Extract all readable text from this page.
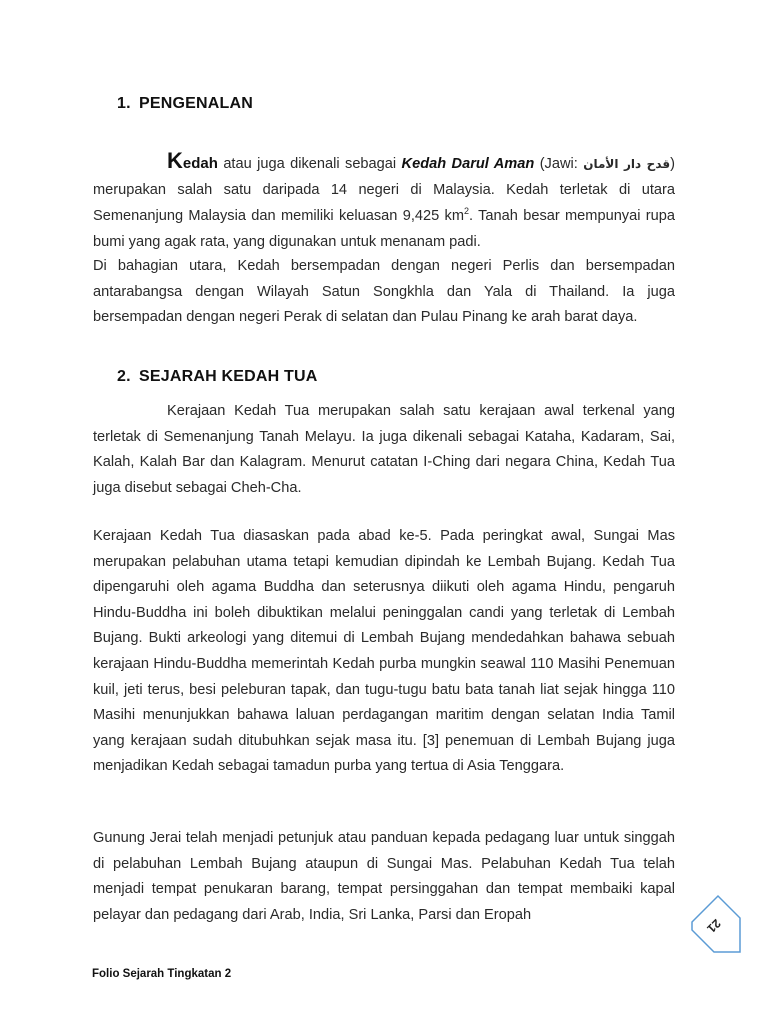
1. PENGENALAN

Kedah atau juga dikenali sebagai Kedah Darul Aman (Jawi: قدح دار الأمان) merupakan salah satu daripada 14 negeri di Malaysia. Kedah terletak di utara Semenanjung Malaysia dan memiliki keluasan 9,425 $km^2$. Tanah besar mempunyai rupa bumi yang agak rata, yang digunakan untuk menanam padi.

Di bahagian utara, Kedah bersempadan dengan negeri Perlis dan bersempadan antarabangsa dengan Wilayah Satun Songkhla dan Yala di Thailand. Ia juga bersempadan dengan negeri Perak di selatan dan Pulau Pinang ke arah barat daya.

2. SEJARAH KEDAH TUA

Kerajaan Kedah Tua merupakan salah satu kerajaan awal terkenal yang terletak di Semenanjung Tanah Melayu. Ia juga dikenali sebagai Kataha, Kadaram, Sai, Kalah, Kalah Bar dan Kalagram. Menurut catatan I-Ching dari negara China, Kedah Tua juga disebut sebagai Cheh-Cha.

Kerajaan Kedah Tua diasaskan pada abad ke-5. Pada peringkat awal, Sungai Mas merupakan pelabuhan utama tetapi kemudian dipindah ke Lembah Bujang. Kedah Tua dipengaruhi oleh agama Buddha dan seterusnya diikuti oleh agama Hindu, pengaruh Hindu-Buddha ini boleh dibuktikan melalui peninggalan candi yang terletak di Lembah Bujang. Bukti arkeologi yang ditemui di Lembah Bujang mendedahkan bahawa sebuah kerajaan Hindu-Buddha memerintah Kedah purba mungkin seawal 110 Masihi Penemuan kuil, jeti terus, besi peleburan tapak, dan tugu-tugu batu bata tanah liat sejak hingga 110 Masihi menunjukkan bahawa laluan perdagangan maritim dengan selatan India Tamil yang kerajaan sudah ditubuhkan sejak masa itu. [3] penemuan di Lembah Bujang juga menjadikan Kedah sebagai tamadun purba yang tertua di Asia Tenggara.

Gunung Jerai telah menjadi petunjuk atau panduan kepada pedagang luar untuk singgah di pelabuhan Lembah Bujang ataupun di Sungai Mas. Pelabuhan Kedah Tua telah menjadi tempat penukaran barang, tempat persinggahan dan tempat membaiki kapal pelayar dan pedagang dari Arab, India, Sri Lanka, Parsi dan Eropah

21
Folio Sejarah Tingkatan 2
